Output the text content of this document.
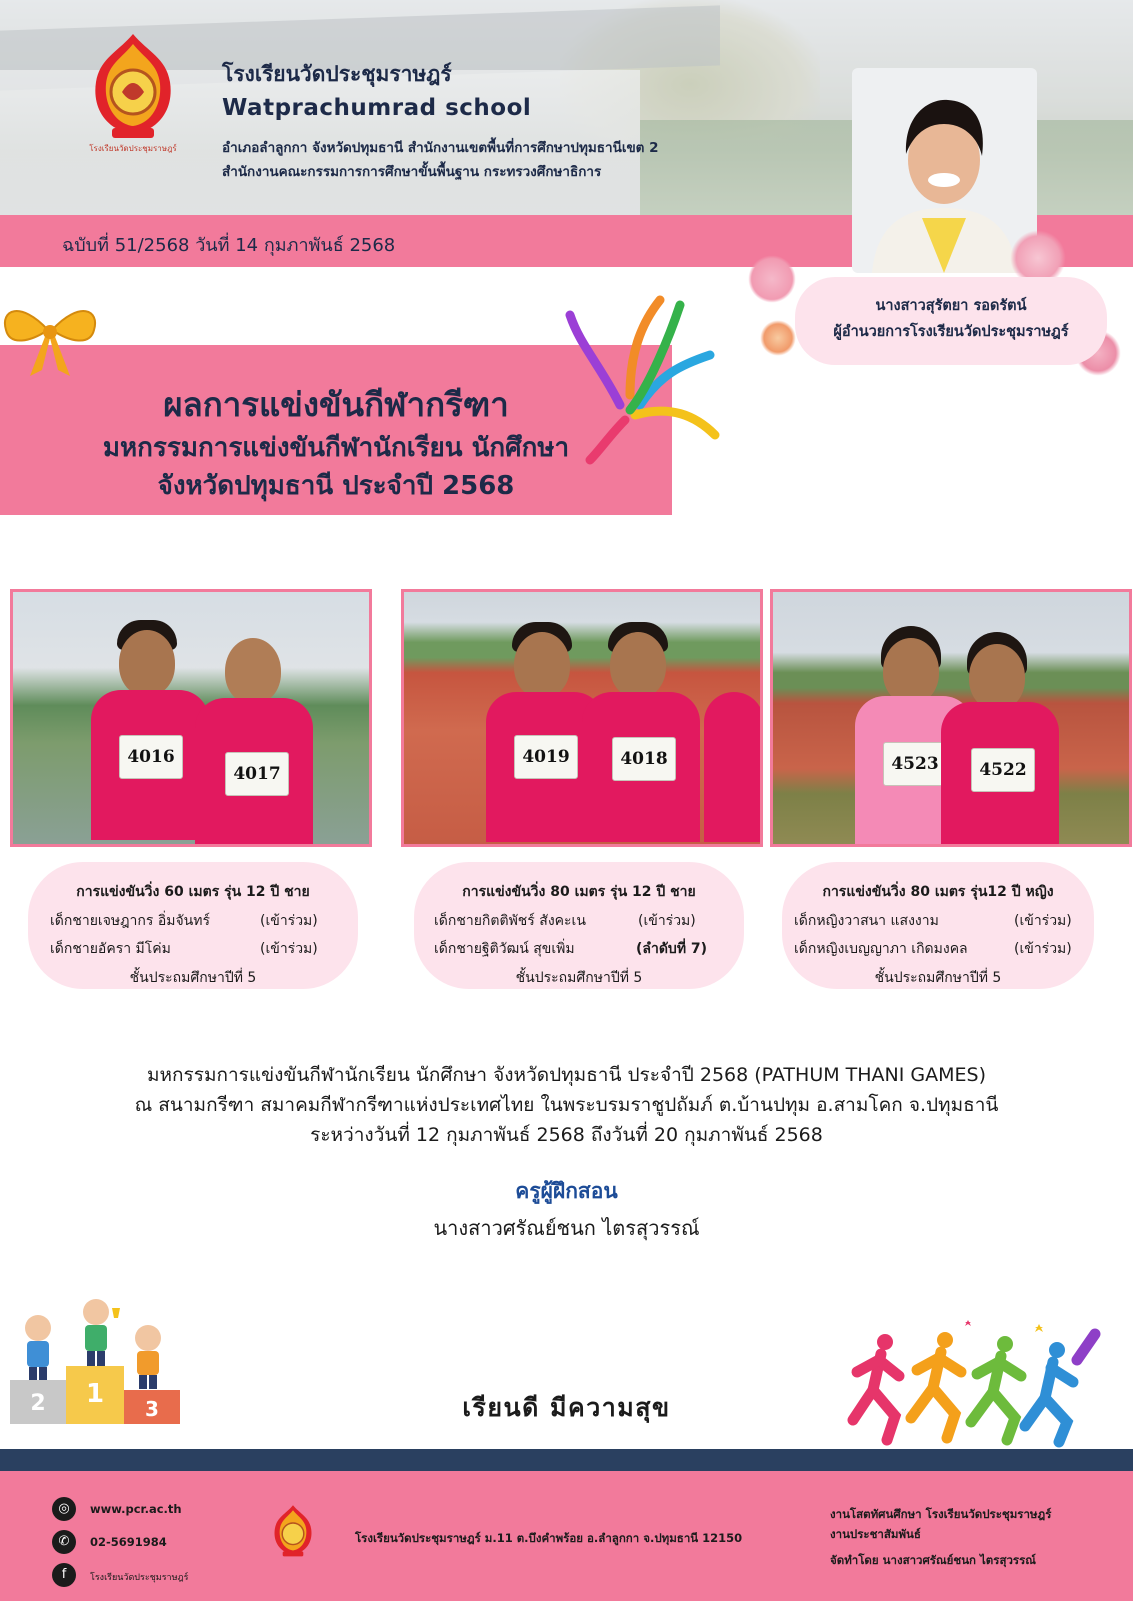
โรงเรียนวัดประชุมราษฎร์
โรงเรียนวัดประชุมราษฎร์
Watprachumrad school
อำเภอลำลูกกา จังหวัดปทุมธานี สำนักงานเขตพื้นที่การศึกษาปทุมธานีเขต 2
สำนักงานคณะกรรมการการศึกษาขั้นพื้นฐาน กระทรวงศึกษาธิการ
ฉบับที่ 51/2568 วันที่ 14 กุมภาพันธ์ 2568
นางสาวสุรัตยา รอดรัตน์
ผู้อำนวยการโรงเรียนวัดประชุมราษฎร์
ผลการแข่งขันกีฬากรีฑา
มหกรรมการแข่งขันกีฬานักเรียน นักศึกษา
จังหวัดปทุมธานี ประจำปี 2568
4016
4017
4019	4018	4523	4522
การแข่งขันวิ่ง 60 เมตร รุ่น 12 ปี ชาย
เด็กชายเจษฎากร อิ่มจันทร์	(เข้าร่วม)
เด็กชายอัครา มีโค่ม	(เข้าร่วม)
ชั้นประถมศึกษาปีที่ 5
การแข่งขันวิ่ง 80 เมตร รุ่น 12 ปี ชาย
เด็กชายกิตติพัชร์ สังคะเน	(เข้าร่วม)
เด็กชายฐิติวัฒน์ สุขเพิ่ม	(ลำดับที่ 7)
ชั้นประถมศึกษาปีที่ 5
การแข่งขันวิ่ง 80 เมตร รุ่น12 ปี หญิง
เด็กหญิงวาสนา แสงงาม	(เข้าร่วม)
เด็กหญิงเบญญาภา เกิดมงคล	(เข้าร่วม)
ชั้นประถมศึกษาปีที่ 5
มหกรรมการแข่งขันกีฬานักเรียน นักศึกษา จังหวัดปทุมธานี ประจำปี 2568 (PATHUM THANI GAMES)
ณ สนามกรีฑา สมาคมกีฬากรีฑาแห่งประเทศไทย ในพระบรมราชูปถัมภ์ ต.บ้านปทุม อ.สามโคก จ.ปทุมธานี
ระหว่างวันที่ 12 กุมภาพันธ์ 2568 ถึงวันที่ 20 กุมภาพันธ์ 2568
ครูผู้ฝึกสอน
นางสาวศรัณย์ชนก ไตรสุวรรณ์
2 1 3	เรียนดี มีความสุข
◎	www.pcr.ac.th
✆	02-5691984
f	โรงเรียนวัดประชุมราษฎร์
โรงเรียนวัดประชุมราษฎร์ ม.11 ต.บึงคำพร้อย อ.ลำลูกกา จ.ปทุมธานี 12150
งานโสตทัศนศึกษา โรงเรียนวัดประชุมราษฎร์
งานประชาสัมพันธ์
จัดทำโดย นางสาวศรัณย์ชนก ไตรสุวรรณ์
